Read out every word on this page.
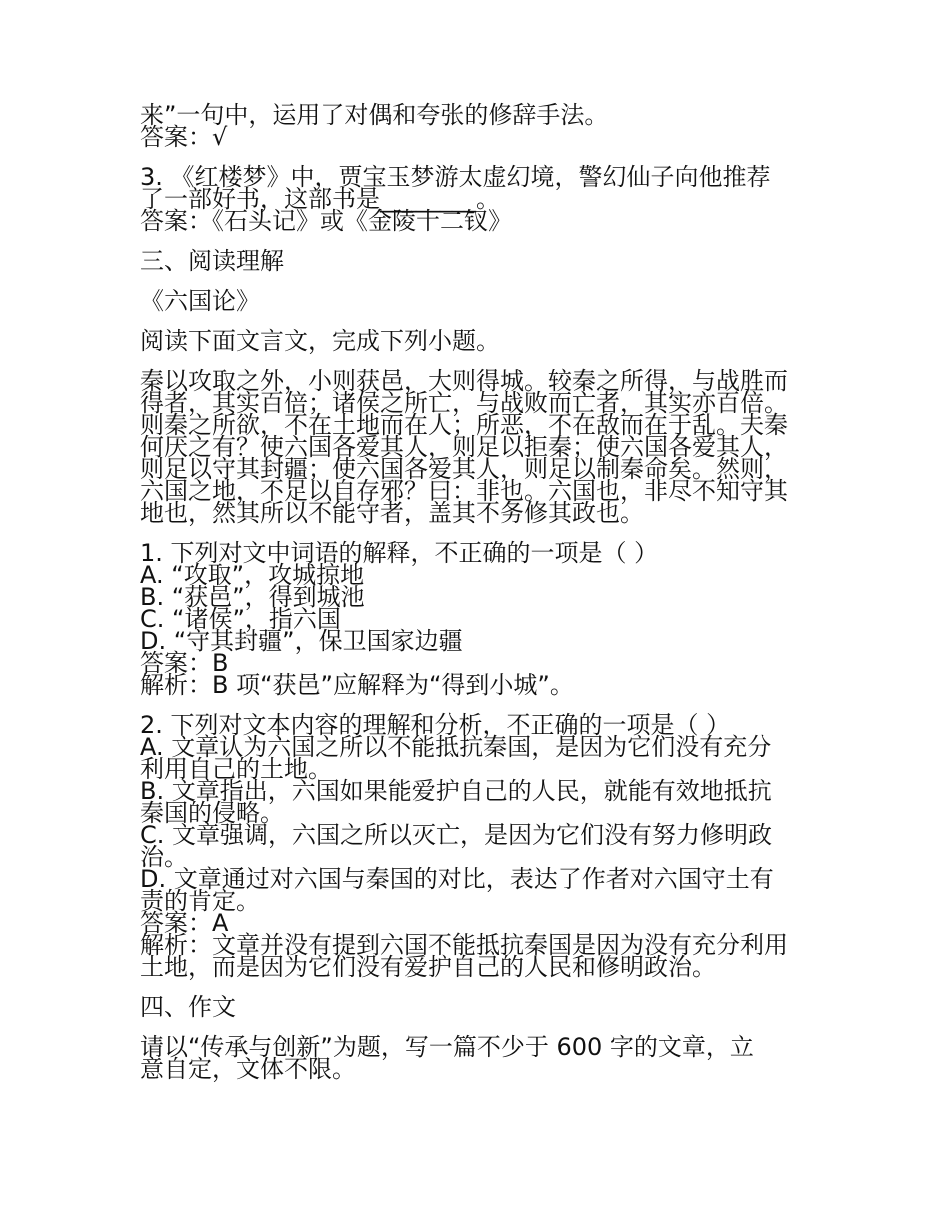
来”一句中，运用了对偶和夸张的修辞手法。
答案：√
3. 《红楼梦》中，贾宝玉梦游太虚幻境，警幻仙子向他推荐
了一部好书，这部书是________。
答案：《石头记》或《金陵十二钗》
三、阅读理解
《六国论》
阅读下面文言文，完成下列小题。
秦以攻取之外，小则获邑，大则得城。较秦之所得，与战胜而
得者，其实百倍；诸侯之所亡，与战败而亡者，其实亦百倍。
则秦之所欲，不在土地而在人；所恶，不在敌而在于乱。夫秦
何厌之有？使六国各爱其人，则足以拒秦；使六国各爱其人，
则足以守其封疆；使六国各爱其人，则足以制秦命矣。然则，
六国之地，不足以自存邪？曰：非也。六国也，非尽不知守其
地也，然其所以不能守者，盖其不务修其政也。
1. 下列对文中词语的解释，不正确的一项是（ ）
A. “攻取”，攻城掠地
B. “获邑”，得到城池
C. “诸侯”，指六国
D. “守其封疆”，保卫国家边疆
答案：B
解析：B 项“获邑”应解释为“得到小城”。
2. 下列对文本内容的理解和分析，不正确的一项是（ ）
A. 文章认为六国之所以不能抵抗秦国，是因为它们没有充分
利用自己的土地。
B. 文章指出，六国如果能爱护自己的人民，就能有效地抵抗
秦国的侵略。
C. 文章强调，六国之所以灭亡，是因为它们没有努力修明政
治。
D. 文章通过对六国与秦国的对比，表达了作者对六国守土有
责的肯定。
答案：A
解析：文章并没有提到六国不能抵抗秦国是因为没有充分利用
土地，而是因为它们没有爱护自己的人民和修明政治。
四、作文
请以“传承与创新”为题，写一篇不少于 600 字的文章，立
意自定，文体不限。
